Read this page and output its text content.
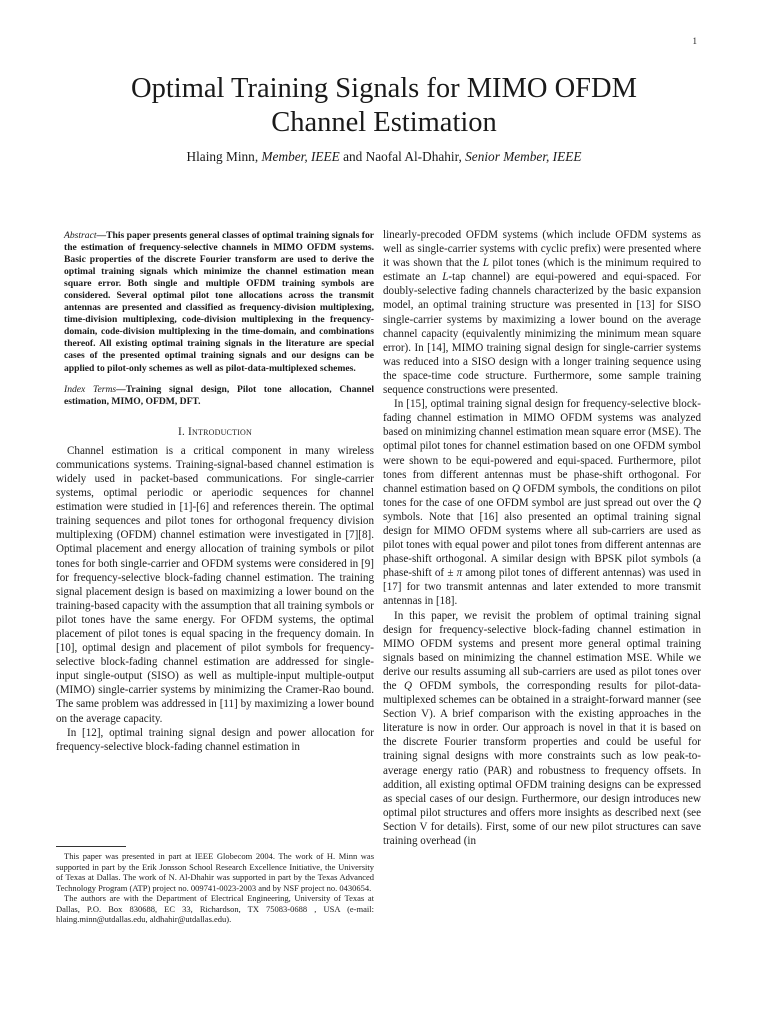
1
Optimal Training Signals for MIMO OFDM
Channel Estimation
Hlaing Minn, Member, IEEE and Naofal Al-Dhahir, Senior Member, IEEE

Abstract—This paper presents general classes of optimal training signals for the estimation of frequency-selective channels in MIMO OFDM systems. Basic properties of the discrete Fourier transform are used to derive the optimal training signals which minimize the channel estimation mean square error. Both single and multiple OFDM training symbols are considered. Several optimal pilot tone allocations across the transmit antennas are presented and classified as frequency-division multiplexing, time-division multiplexing, code-division multiplexing in the frequency-domain, code-division multiplexing in the time-domain, and combinations thereof. All existing optimal training signals in the literature are special cases of the presented optimal training signals and our designs can be applied to pilot-only schemes as well as pilot-data-multiplexed schemes.

Index Terms—Training signal design, Pilot tone allocation, Channel estimation, MIMO, OFDM, DFT.

I. Introduction

Channel estimation is a critical component in many wireless communications systems. Training-signal-based channel estimation is widely used in packet-based communications. For single-carrier systems, optimal periodic or aperiodic sequences for channel estimation were studied in [1]-[6] and references therein. The optimal training sequences and pilot tones for orthogonal frequency division multiplexing (OFDM) channel estimation were investigated in [7][8]. Optimal placement and energy allocation of training symbols or pilot tones for both single-carrier and OFDM systems were considered in [9] for frequency-selective block-fading channel estimation. The training signal placement design is based on maximizing a lower bound on the training-based capacity with the assumption that all training symbols or pilot tones have the same energy. For OFDM systems, the optimal placement of pilot tones is equal spacing in the frequency domain. In [10], optimal design and placement of pilot symbols for frequency-selective block-fading channel estimation are addressed for single-input single-output (SISO) as well as multiple-input multiple-output (MIMO) single-carrier systems by minimizing the Cramer-Rao bound. The same problem was addressed in [11] by maximizing a lower bound on the average capacity.

In [12], optimal training signal design and power allocation for frequency-selective block-fading channel estimation in

This paper was presented in part at IEEE Globecom 2004. The work of H. Minn was supported in part by the Erik Jonsson School Research Excellence Initiative, the University of Texas at Dallas. The work of N. Al-Dhahir was supported in part by the Texas Advanced Technology Program (ATP) project no. 009741-0023-2003 and by NSF project no. 0430654.

The authors are with the Department of Electrical Engineering, University of Texas at Dallas, P.O. Box 830688, EC 33, Richardson, TX 75083-0688 , USA (e-mail: hlaing.minn@utdallas.edu, aldhahir@utdallas.edu).

linearly-precoded OFDM systems (which include OFDM systems as well as single-carrier systems with cyclic prefix) were presented where it was shown that the L pilot tones (which is the minimum required to estimate an L-tap channel) are equi-powered and equi-spaced. For doubly-selective fading channels characterized by the basic expansion model, an optimal training structure was presented in [13] for SISO single-carrier systems by maximizing a lower bound on the average channel capacity (equivalently minimizing the minimum mean square error). In [14], MIMO training signal design for single-carrier systems was reduced into a SISO design with a longer training sequence using the space-time code structure. Furthermore, some sample training sequence constructions were presented.

In [15], optimal training signal design for frequency-selective block-fading channel estimation in MIMO OFDM systems was analyzed based on minimizing channel estimation mean square error (MSE). The optimal pilot tones for channel estimation based on one OFDM symbol were shown to be equi-powered and equi-spaced. Furthermore, pilot tones from different antennas must be phase-shift orthogonal. For channel estimation based on Q OFDM symbols, the conditions on pilot tones for the case of one OFDM symbol are just spread out over the Q symbols. Note that [16] also presented an optimal training signal design for MIMO OFDM systems where all sub-carriers are used as pilot tones with equal power and pilot tones from different antennas are phase-shift orthogonal. A similar design with BPSK pilot symbols (a phase-shift of ± π among pilot tones of different antennas) was used in [17] for two transmit antennas and later extended to more transmit antennas in [18].

In this paper, we revisit the problem of optimal training signal design for frequency-selective block-fading channel estimation in MIMO OFDM systems and present more general optimal training signals based on minimizing the channel estimation MSE. While we derive our results assuming all sub-carriers are used as pilot tones over the Q OFDM symbols, the corresponding results for pilot-data-multiplexed schemes can be obtained in a straight-forward manner (see Section V). A brief comparison with the existing approaches in the literature is now in order. Our approach is novel in that it is based on the discrete Fourier transform properties and could be useful for training signal designs with more constraints such as low peak-to-average energy ratio (PAR) and robustness to frequency offsets. In addition, all existing optimal OFDM training designs can be expressed as special cases of our design. Furthermore, our design introduces new optimal pilot structures and offers more insights as described next (see Section V for details). First, some of our new pilot structures can save training overhead (in
